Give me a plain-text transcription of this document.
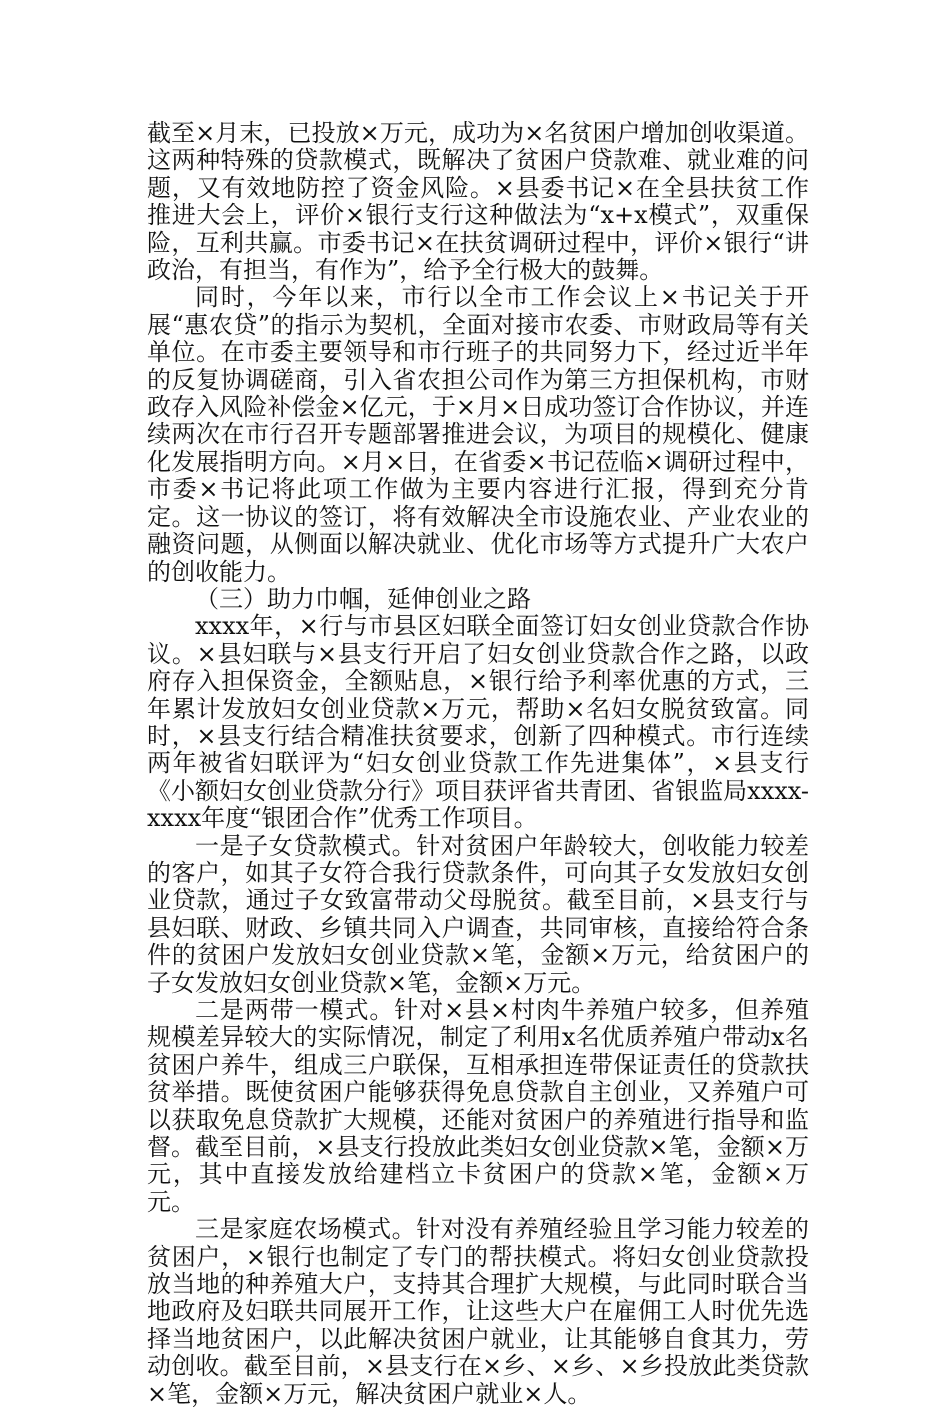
截至×月末，已投放×万元，成功为×名贫困户增加创收渠道。这两种特殊的贷款模式，既解决了贫困户贷款难、就业难的问题，又有效地防控了资金风险。×县委书记×在全县扶贫工作推进大会上，评价×银行支行这种做法为“x+x模式”，双重保险，互利共赢。市委书记×在扶贫调研过程中，评价×银行“讲政治，有担当，有作为”，给予全行极大的鼓舞。

同时，今年以来，市行以全市工作会议上×书记关于开展“惠农贷”的指示为契机，全面对接市农委、市财政局等有关单位。在市委主要领导和市行班子的共同努力下，经过近半年的反复协调磋商，引入省农担公司作为第三方担保机构，市财政存入风险补偿金×亿元，于×月×日成功签订合作协议，并连续两次在市行召开专题部署推进会议，为项目的规模化、健康化发展指明方向。×月×日，在省委×书记莅临×调研过程中，市委×书记将此项工作做为主要内容进行汇报，得到充分肯定。这一协议的签订，将有效解决全市设施农业、产业农业的融资问题，从侧面以解决就业、优化市场等方式提升广大农户的创收能力。

（三）助力巾帼，延伸创业之路

xxxx年，×行与市县区妇联全面签订妇女创业贷款合作协议。×县妇联与×县支行开启了妇女创业贷款合作之路，以政府存入担保资金，全额贴息，×银行给予利率优惠的方式，三年累计发放妇女创业贷款×万元，帮助×名妇女脱贫致富。同时，×县支行结合精准扶贫要求，创新了四种模式。市行连续两年被省妇联评为“妇女创业贷款工作先进集体”，×县支行《小额妇女创业贷款分行》项目获评省共青团、省银监局xxxx-xxxx年度“银团合作”优秀工作项目。

一是子女贷款模式。针对贫困户年龄较大，创收能力较差的客户，如其子女符合我行贷款条件，可向其子女发放妇女创业贷款，通过子女致富带动父母脱贫。截至目前，×县支行与县妇联、财政、乡镇共同入户调查，共同审核，直接给符合条件的贫困户发放妇女创业贷款×笔，金额×万元，给贫困户的子女发放妇女创业贷款×笔，金额×万元。

二是两带一模式。针对×县×村肉牛养殖户较多，但养殖规模差异较大的实际情况，制定了利用x名优质养殖户带动x名贫困户养牛，组成三户联保，互相承担连带保证责任的贷款扶贫举措。既使贫困户能够获得免息贷款自主创业，又养殖户可以获取免息贷款扩大规模，还能对贫困户的养殖进行指导和监督。截至目前，×县支行投放此类妇女创业贷款×笔，金额×万元，其中直接发放给建档立卡贫困户的贷款×笔，金额×万元。

三是家庭农场模式。针对没有养殖经验且学习能力较差的贫困户，×银行也制定了专门的帮扶模式。将妇女创业贷款投放当地的种养殖大户，支持其合理扩大规模，与此同时联合当地政府及妇联共同展开工作，让这些大户在雇佣工人时优先选择当地贫困户，以此解决贫困户就业，让其能够自食其力，劳动创收。截至目前，×县支行在×乡、×乡、×乡投放此类贷款×笔，金额×万元，解决贫困户就业×人。
